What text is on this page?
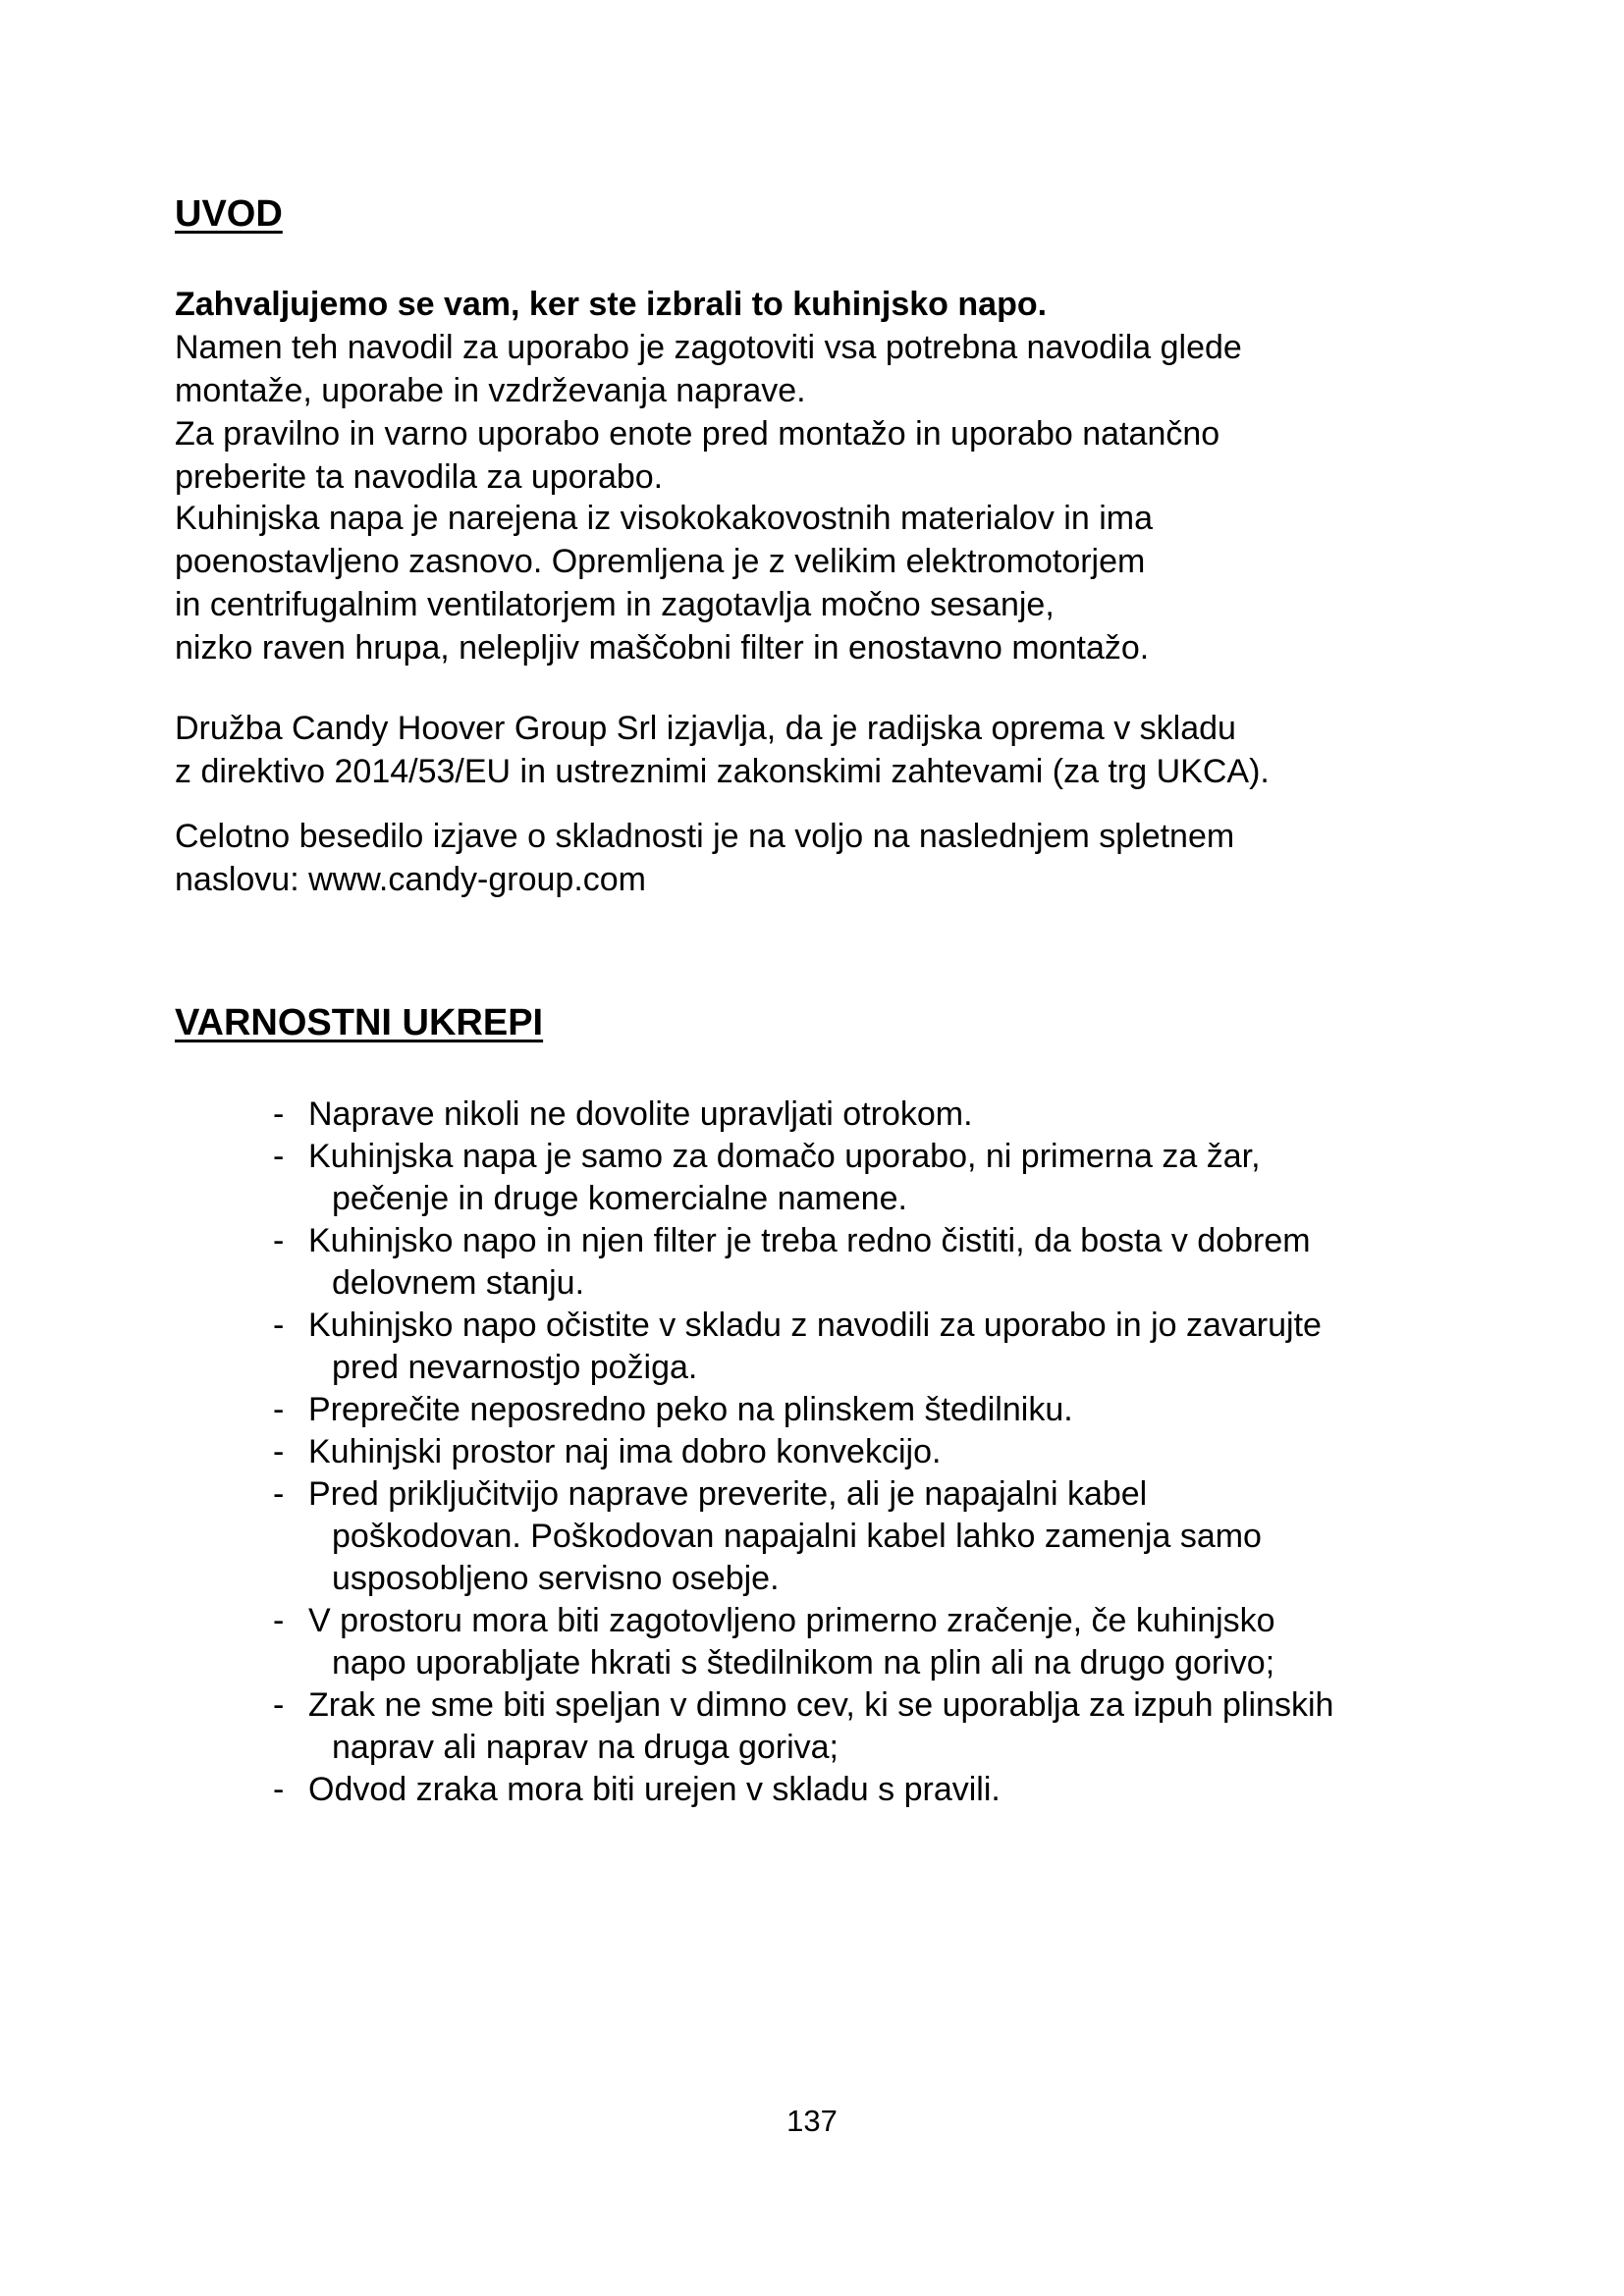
UVOD

Zahvaljujemo se vam, ker ste izbrali to kuhinjsko napo.

Namen teh navodil za uporabo je zagotoviti vsa potrebna navodila glede
montaže, uporabe in vzdrževanja naprave.

Za pravilno in varno uporabo enote pred montažo in uporabo natančno
preberite ta navodila za uporabo.

Kuhinjska napa je narejena iz visokokakovostnih materialov in ima
poenostavljeno zasnovo. Opremljena je z velikim elektromotorjem
in centrifugalnim ventilatorjem in zagotavlja močno sesanje,
nizko raven hrupa, nelepljiv maščobni filter in enostavno montažo.

Družba Candy Hoover Group Srl izjavlja, da je radijska oprema v skladu
z direktivo 2014/53/EU in ustreznimi zakonskimi zahtevami (za trg UKCA).

Celotno besedilo izjave o skladnosti je na voljo na naslednjem spletnem
naslovu: www.candy-group.com

VARNOSTNI UKREPI
- Naprave nikoli ne dovolite upravljati otrokom.
- Kuhinjska napa je samo za domačo uporabo, ni primerna za žar,
pečenje in druge komercialne namene.
- Kuhinjsko napo in njen filter je treba redno čistiti, da bosta v dobrem
delovnem stanju.
- Kuhinjsko napo očistite v skladu z navodili za uporabo in jo zavarujte
pred nevarnostjo požiga.
- Preprečite neposredno peko na plinskem štedilniku.
- Kuhinjski prostor naj ima dobro konvekcijo.
- Pred priključitvijo naprave preverite, ali je napajalni kabel
poškodovan. Poškodovan napajalni kabel lahko zamenja samo
usposobljeno servisno osebje.
- V prostoru mora biti zagotovljeno primerno zračenje, če kuhinjsko
napo uporabljate hkrati s štedilnikom na plin ali na drugo gorivo;
- Zrak ne sme biti speljan v dimno cev, ki se uporablja za izpuh plinskih
naprav ali naprav na druga goriva;
- Odvod zraka mora biti urejen v skladu s pravili.
137
